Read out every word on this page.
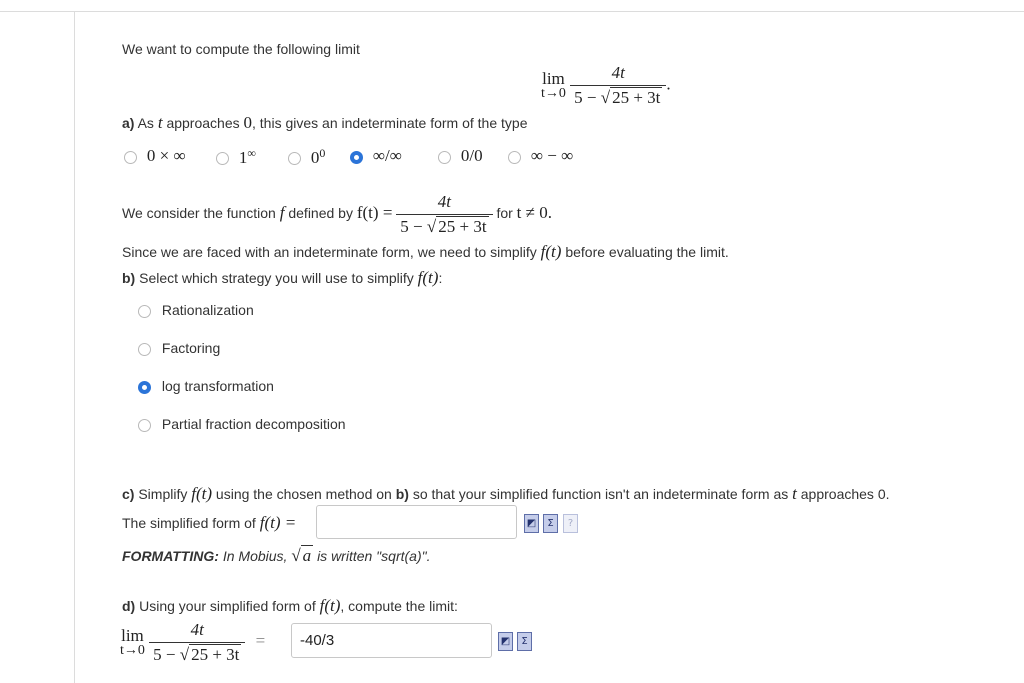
We want to compute the following limit
lim
t→0
$\frac{4t}{5 - √ 25 + 3t}$ .
a) As t approaches 0, this gives an indeterminate form of the type
0 × ∞	1∞	$0^0$	∞/∞	0/0	∞ − ∞
We consider the function f defined by $f(t) = \frac{4t}{5 - √ 25 + 3t}$ for t ≠ 0.
Since we are faced with an indeterminate form, we need to simplify f(t) before evaluating the limit.
b) Select which strategy you will use to simplify f(t):
Rationalization
Factoring
log transformation
Partial fraction decomposition
c) Simplify f(t) using the chosen method on b) so that your simplified function isn't an indeterminate form as t approaches 0.
The simplified form of f(t) =	◩	Σ	?
FORMATTING: In Mobius, √ a is written "sqrt(a)".
d) Using your simplified form of f(t), compute the limit:
lim
t→0
$\frac{4t}{5 - √ 25 + 3t}$ =	-40/3	◩	Σ
